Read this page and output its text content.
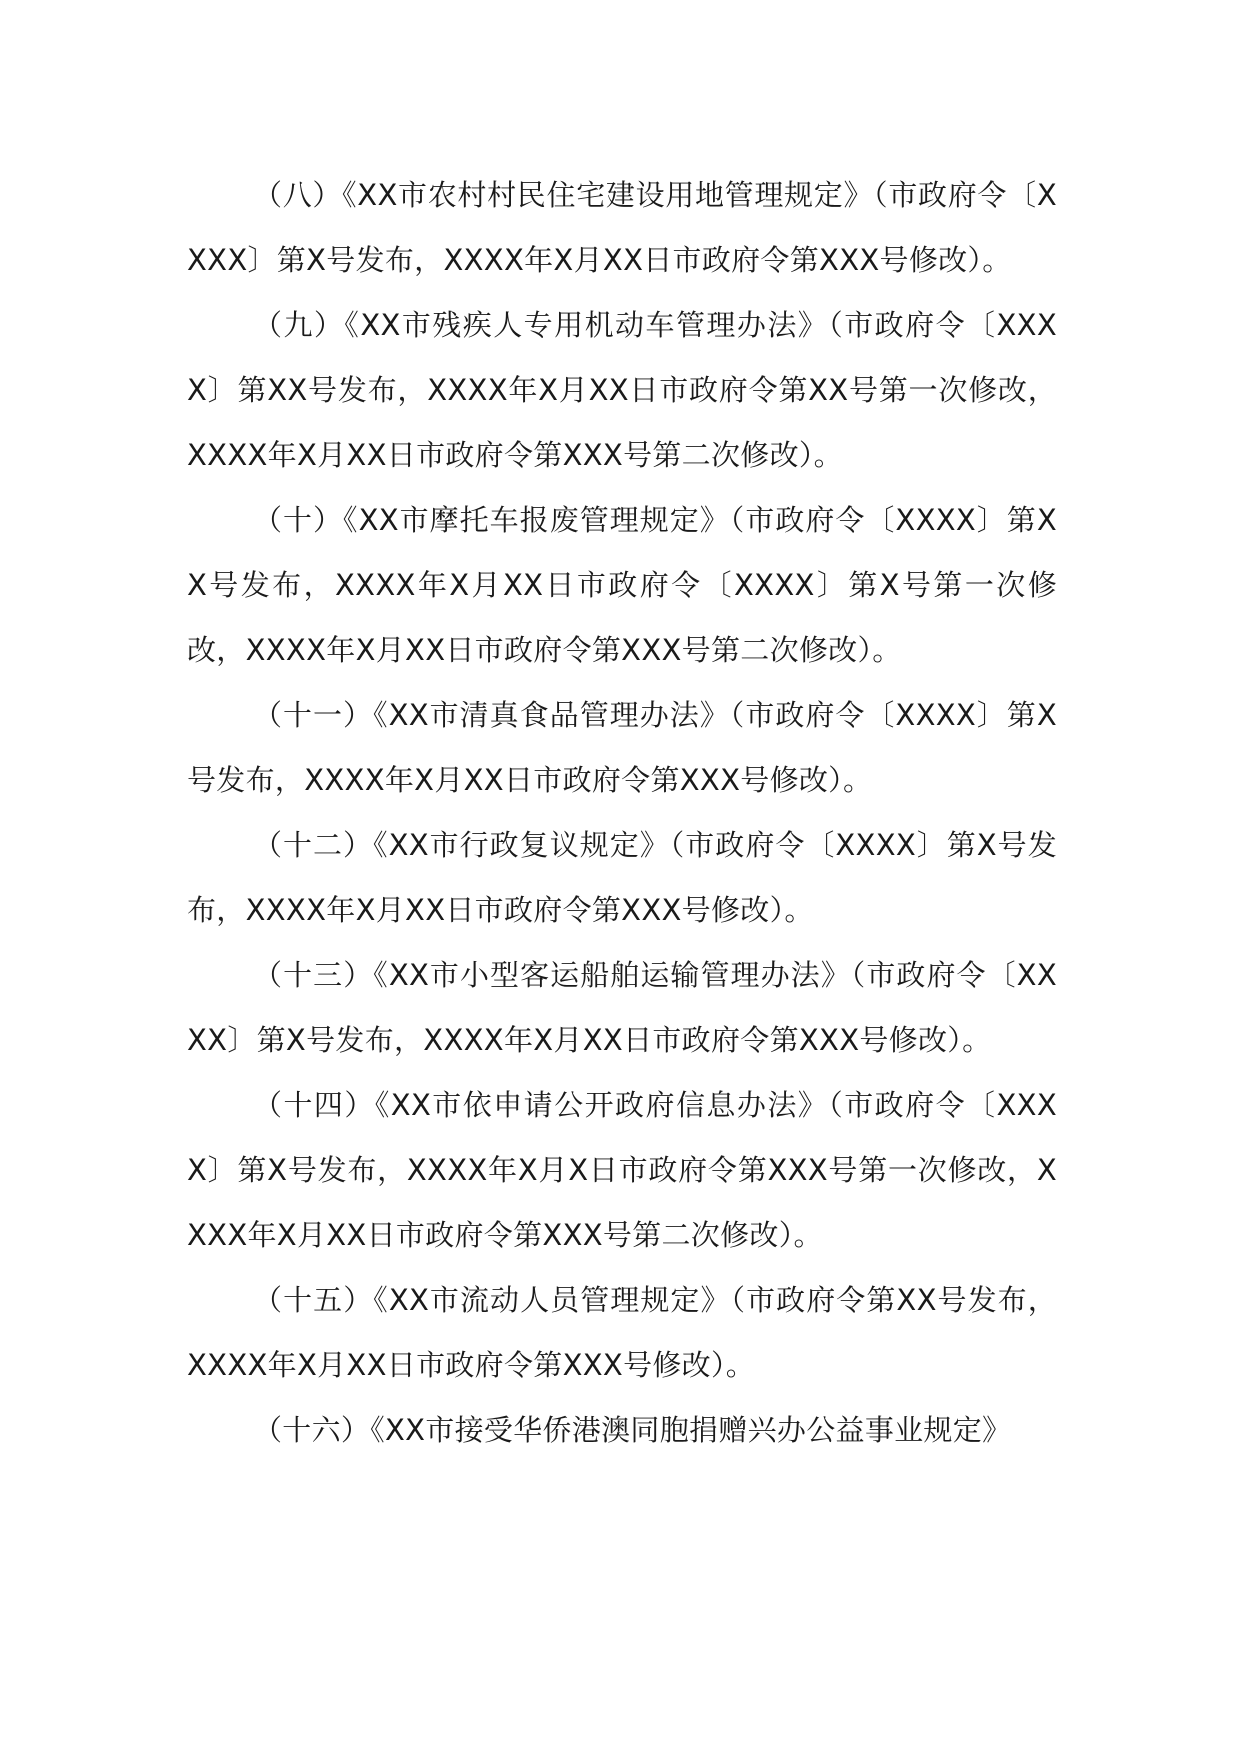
（八）《XX市农村村民住宅建设用地管理规定》（市政府令〔XXXX〕第X号发布，XXXX年X月XX日市政府令第XXX号修改）。

（九）《XX市残疾人专用机动车管理办法》（市政府令〔XXXX〕第XX号发布，XXXX年X月XX日市政府令第XX号第一次修改，XXXX年X月XX日市政府令第XXX号第二次修改）。

（十）《XX市摩托车报废管理规定》（市政府令〔XXXX〕第XX号发布，XXXX年X月XX日市政府令〔XXXX〕第X号第一次修改，XXXX年X月XX日市政府令第XXX号第二次修改）。

（十一）《XX市清真食品管理办法》（市政府令〔XXXX〕第X号发布，XXXX年X月XX日市政府令第XXX号修改）。

（十二）《XX市行政复议规定》（市政府令〔XXXX〕第X号发布，XXXX年X月XX日市政府令第XXX号修改）。

（十三）《XX市小型客运船舶运输管理办法》（市政府令〔XXXX〕第X号发布，XXXX年X月XX日市政府令第XXX号修改）。

（十四）《XX市依申请公开政府信息办法》（市政府令〔XXXX〕第X号发布，XXXX年X月X日市政府令第XXX号第一次修改，XXXX年X月XX日市政府令第XXX号第二次修改）。

（十五）《XX市流动人员管理规定》（市政府令第XX号发布，XXXX年X月XX日市政府令第XXX号修改）。

（十六）《XX市接受华侨港澳同胞捐赠兴办公益事业规定》
